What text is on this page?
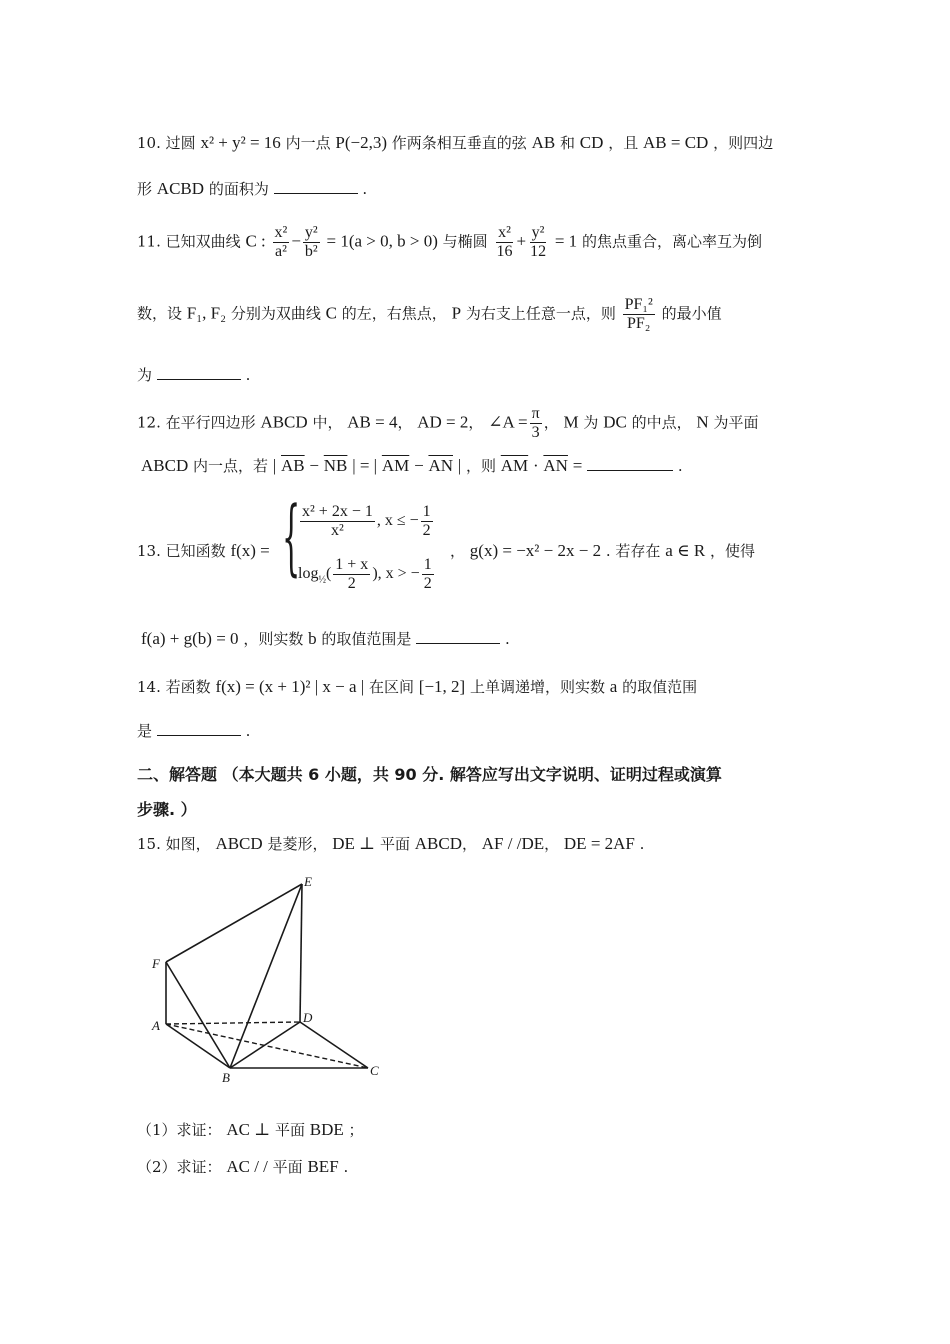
10. 过圆 x² + y² = 16 内一点 P(−2,3) 作两条相互垂直的弦 AB 和 CD ，且 AB = CD ，则四边
形 ACBD 的面积为	.
11. 已知双曲线 C : $\frac{\text{x²}}{\text{a²}} - \frac{\text{y²}}{\text{b²}} = 1(a > 0$, b > 0) 与椭圆 $\frac{\text{x²}}{16} + \frac{\text{y²}}{12} = 1$ 的焦点重合，离心率互为倒
数，设 F₁, F₂ 分别为双曲线 C 的左，右焦点， P 为右支上任意一点，则 $\frac{\text{PF₁²}}{\text{PF₂}}$ 的最小值
为	.
12. 在平行四边形 ABCD 中， AB = 4， AD = 2， ∠A = $\frac{\pi}{3}$ ， M 为 DC 的中点， N 为平面
ABCD 内一点，若 | $\overline{AB} - \overline{NB}$ | = | $\overline{AM} - \overline{AN}$ | ，则 $\overline{AM} \cdot \overline{AN}$ =	.
13. 已知函数 f(x) = { $\frac{\text{x² + 2x − 1}}{\text{x²}}$ , x ≤ − $\frac{1}{2}$
$\log_{\frac{1}{2}}( \frac{1 + x}{2}$ ), x > − $\frac{1}{2}$
， g(x) = −x² − 2x − 2 . 若存在 a ∈ R ，使得
f(a) + g(b) = 0 ，则实数 b 的取值范围是	.
14. 若函数 f(x) = (x + 1)² | x − a | 在区间 [−1, 2] 上单调递增，则实数 a 的取值范围
是	.
二、解答题 （本大题共 6 小题，共 90 分. 解答应写出文字说明、证明过程或演算
步骤. ）
15. 如图， ABCD 是菱形， DE ⊥ 平面 ABCD， AF / /DE， DE = 2AF .
E
F
A
D
B	C
（1）求证： AC ⊥ 平面 BDE ；
（2）求证： AC / / 平面 BEF .
